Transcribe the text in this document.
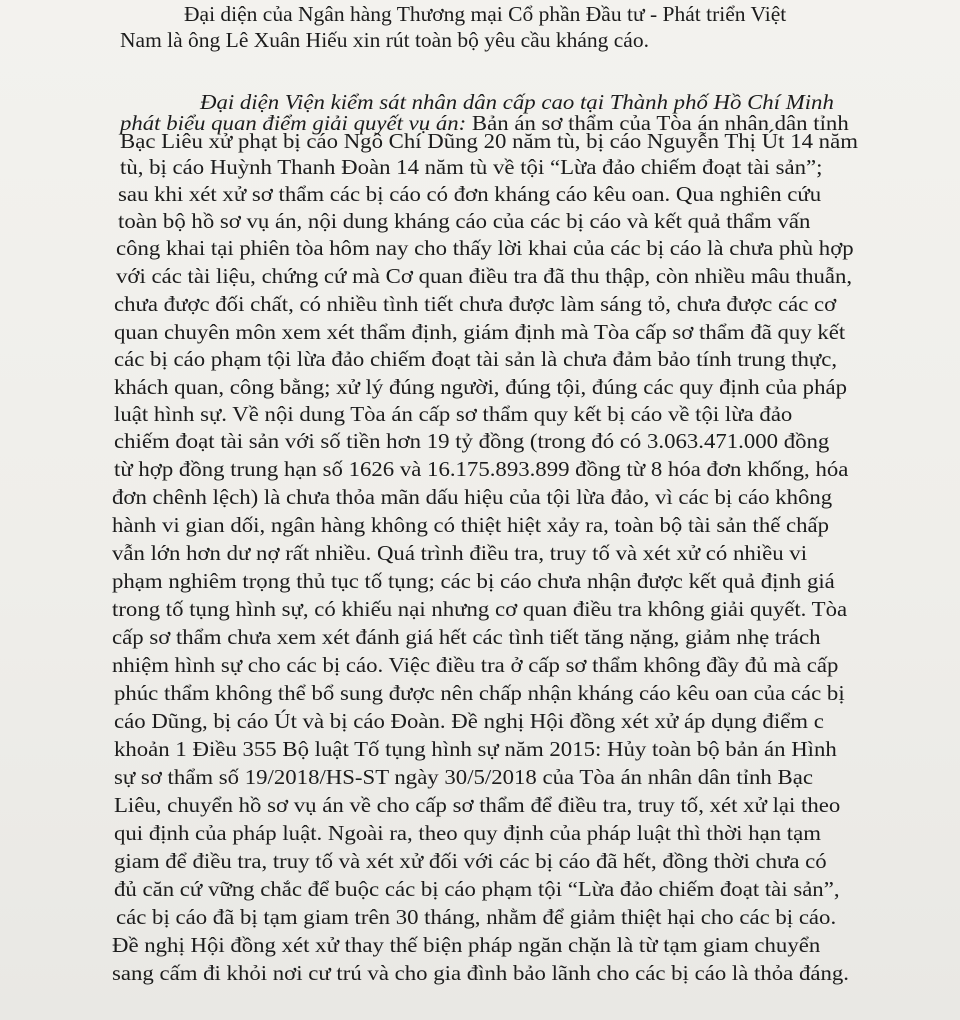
Đại diện của Ngân hàng Thương mại Cổ phần Đầu tư - Phát triển Việt
Nam là ông Lê Xuân Hiếu xin rút toàn bộ yêu cầu kháng cáo.
Đại diện Viện kiểm sát nhân dân cấp cao tại Thành phố Hồ Chí Minh
phát biểu quan điểm giải quyết vụ án: Bản án sơ thẩm của Tòa án nhân dân tỉnh
Bạc Liêu xử phạt bị cáo Ngô Chí Dũng 20 năm tù, bị cáo Nguyễn Thị Út 14 năm
tù, bị cáo Huỳnh Thanh Đoàn 14 năm tù về tội “Lừa đảo chiếm đoạt tài sản”;
sau khi xét xử sơ thẩm các bị cáo có đơn kháng cáo kêu oan. Qua nghiên cứu
toàn bộ hồ sơ vụ án, nội dung kháng cáo của các bị cáo và kết quả thẩm vấn
công khai tại phiên tòa hôm nay cho thấy lời khai của các bị cáo là chưa phù hợp
với các tài liệu, chứng cứ mà Cơ quan điều tra đã thu thập, còn nhiều mâu thuẫn,
chưa được đối chất, có nhiều tình tiết chưa được làm sáng tỏ, chưa được các cơ
quan chuyên môn xem xét thẩm định, giám định mà Tòa cấp sơ thẩm đã quy kết
các bị cáo phạm tội lừa đảo chiếm đoạt tài sản là chưa đảm bảo tính trung thực,
khách quan, công bằng; xử lý đúng người, đúng tội, đúng các quy định của pháp
luật hình sự. Về nội dung Tòa án cấp sơ thẩm quy kết bị cáo về tội lừa đảo
chiếm đoạt tài sản với số tiền hơn 19 tỷ đồng (trong đó có 3.063.471.000 đồng
từ hợp đồng trung hạn số 1626 và 16.175.893.899 đồng từ 8 hóa đơn khống, hóa
đơn chênh lệch) là chưa thỏa mãn dấu hiệu của tội lừa đảo, vì các bị cáo không
hành vi gian dối, ngân hàng không có thiệt hiệt xảy ra, toàn bộ tài sản thế chấp
vẫn lớn hơn dư nợ rất nhiều. Quá trình điều tra, truy tố và xét xử có nhiều vi
phạm nghiêm trọng thủ tục tố tụng; các bị cáo chưa nhận được kết quả định giá
trong tố tụng hình sự, có khiếu nại nhưng cơ quan điều tra không giải quyết. Tòa
cấp sơ thẩm chưa xem xét đánh giá hết các tình tiết tăng nặng, giảm nhẹ trách
nhiệm hình sự cho các bị cáo. Việc điều tra ở cấp sơ thẩm không đầy đủ mà cấp
phúc thẩm không thể bổ sung được nên chấp nhận kháng cáo kêu oan của các bị
cáo Dũng, bị cáo Út và bị cáo Đoàn. Đề nghị Hội đồng xét xử áp dụng điểm c
khoản 1 Điều 355 Bộ luật Tố tụng hình sự năm 2015: Hủy toàn bộ bản án Hình
sự sơ thẩm số 19/2018/HS-ST ngày 30/5/2018 của Tòa án nhân dân tỉnh Bạc
Liêu, chuyển hồ sơ vụ án về cho cấp sơ thẩm để điều tra, truy tố, xét xử lại theo
qui định của pháp luật. Ngoài ra, theo quy định của pháp luật thì thời hạn tạm
giam để điều tra, truy tố và xét xử đối với các bị cáo đã hết, đồng thời chưa có
đủ căn cứ vững chắc để buộc các bị cáo phạm tội “Lừa đảo chiếm đoạt tài sản”,
các bị cáo đã bị tạm giam trên 30 tháng, nhằm để giảm thiệt hại cho các bị cáo.
Đề nghị Hội đồng xét xử thay thế biện pháp ngăn chặn là từ tạm giam chuyển
sang cấm đi khỏi nơi cư trú và cho gia đình bảo lãnh cho các bị cáo là thỏa đáng.
